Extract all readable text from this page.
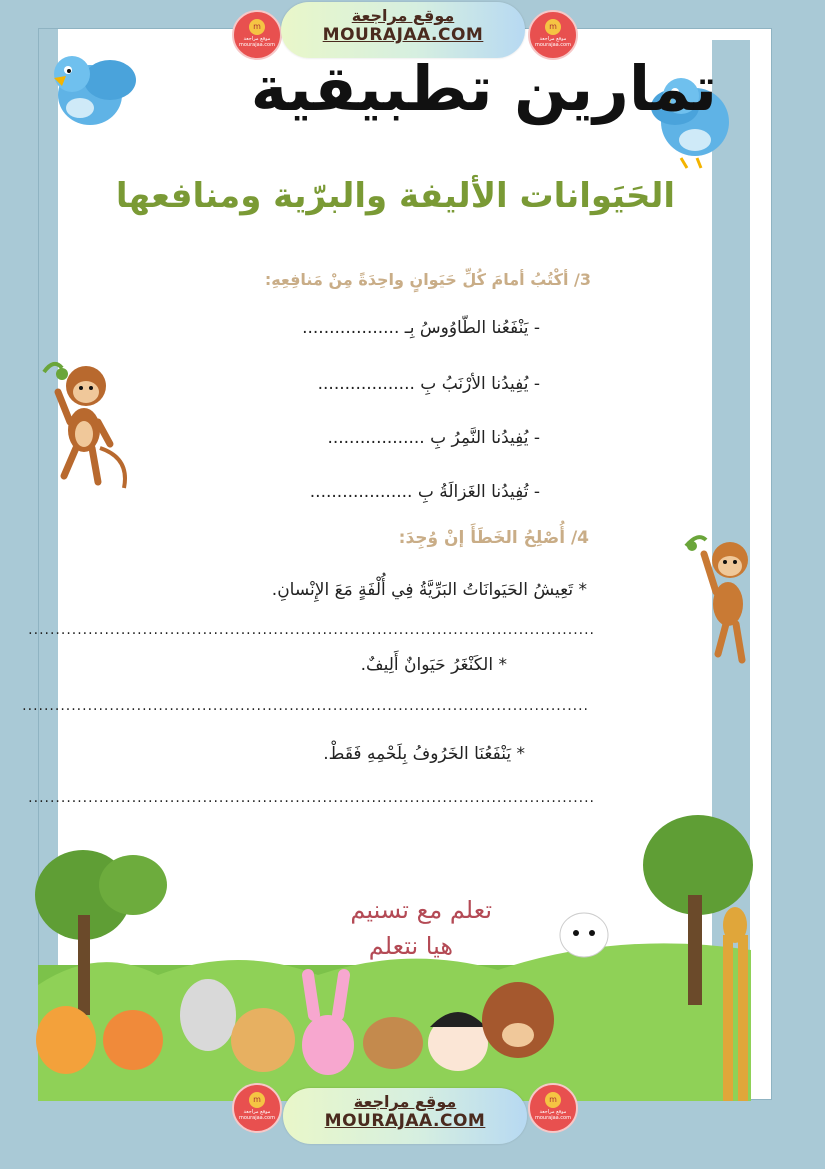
m
موقع مراجعة mourajaa.com
موقع مراجعة
MOURAJAA.COM	m
موقع مراجعة mourajaa.com
تمارين تطبيقية
الحَيَوانات الأليفة والبرّية ومنافعها
3/ أكْتُبُ أمامَ كُلِّ حَيَوانٍ واحِدَةً مِنْ مَنافِعِهِ:
- يَنْفَعُنا الطّاوُوسُ بِـ ..................
- يُفِيدُنا الأرْنَبُ بِ ..................
- يُفِيدُنا النَّمِرُ بِ ..................
- تُفِيدُنا الغَزالَةُ بِ ...................
4/ أُصْلِحُ الخَطَأَ إنْ وُجِدَ:
* تَعِيشُ الحَيَوانَاتُ البَرِّيَّةُ فِي أُلْفَةٍ مَعَ الإِنْسانِ.
........................................................................................................
* الكَنْغَرُ حَيَوانٌ أَلِيفٌ.
........................................................................................................
* يَنْفَعُنَا الخَرُوفُ بِلَحْمِهِ فَقَطْ.
........................................................................................................
تعلم مع تسنيم
هيا نتعلم
m
موقع مراجعة mourajaa.com
موقع مراجعة
MOURAJAA.COM
m
موقع مراجعة mourajaa.com
